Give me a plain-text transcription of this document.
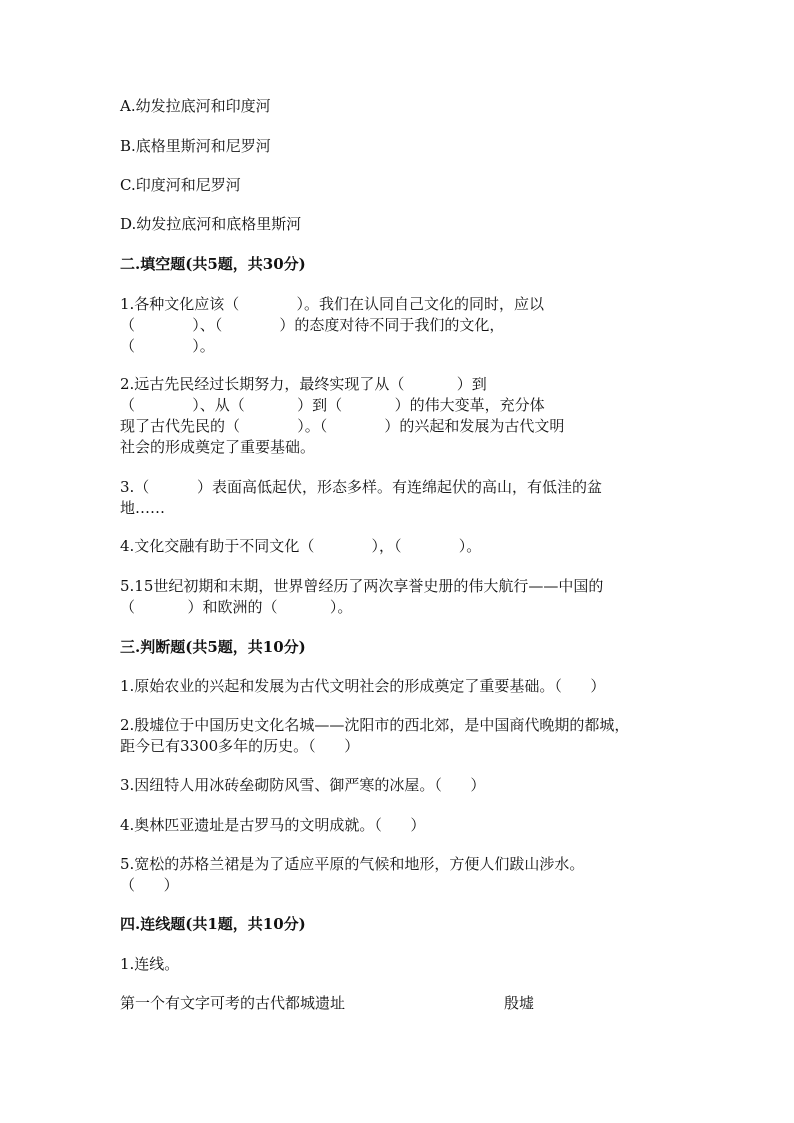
A.幼发拉底河和印度河
B.底格里斯河和尼罗河
C.印度河和尼罗河
D.幼发拉底河和底格里斯河
二.填空题(共5题，共30分)
1.各种文化应该（            ）。我们在认同自己文化的同时，应以
（            ）、（            ）的态度对待不同于我们的文化，
（            ）。
2.远古先民经过长期努力，最终实现了从（           ）到
（            ）、从（           ）到（           ）的伟大变革，充分体
现了古代先民的（            ）。（            ）的兴起和发展为古代文明
社会的形成奠定了重要基础。
3.（          ）表面高低起伏，形态多样。有连绵起伏的高山，有低洼的盆
地……
4.文化交融有助于不同文化（            ），（            ）。
5.15世纪初期和末期，世界曾经历了两次享誉史册的伟大航行——中国的
（           ）和欧洲的（           ）。
三.判断题(共5题，共10分)
1.原始农业的兴起和发展为古代文明社会的形成奠定了重要基础。（      ）
2.殷墟位于中国历史文化名城——沈阳市的西北郊，是中国商代晚期的都城，
距今已有3300多年的历史。（      ）
3.因纽特人用冰砖垒砌防风雪、御严寒的冰屋。（      ）
4.奥林匹亚遗址是古罗马的文明成就。（      ）
5.宽松的苏格兰裙是为了适应平原的气候和地形，方便人们跋山涉水。
（      ）
四.连线题(共1题，共10分)
1.连线。
第一个有文字可考的古代都城遗址	殷墟
